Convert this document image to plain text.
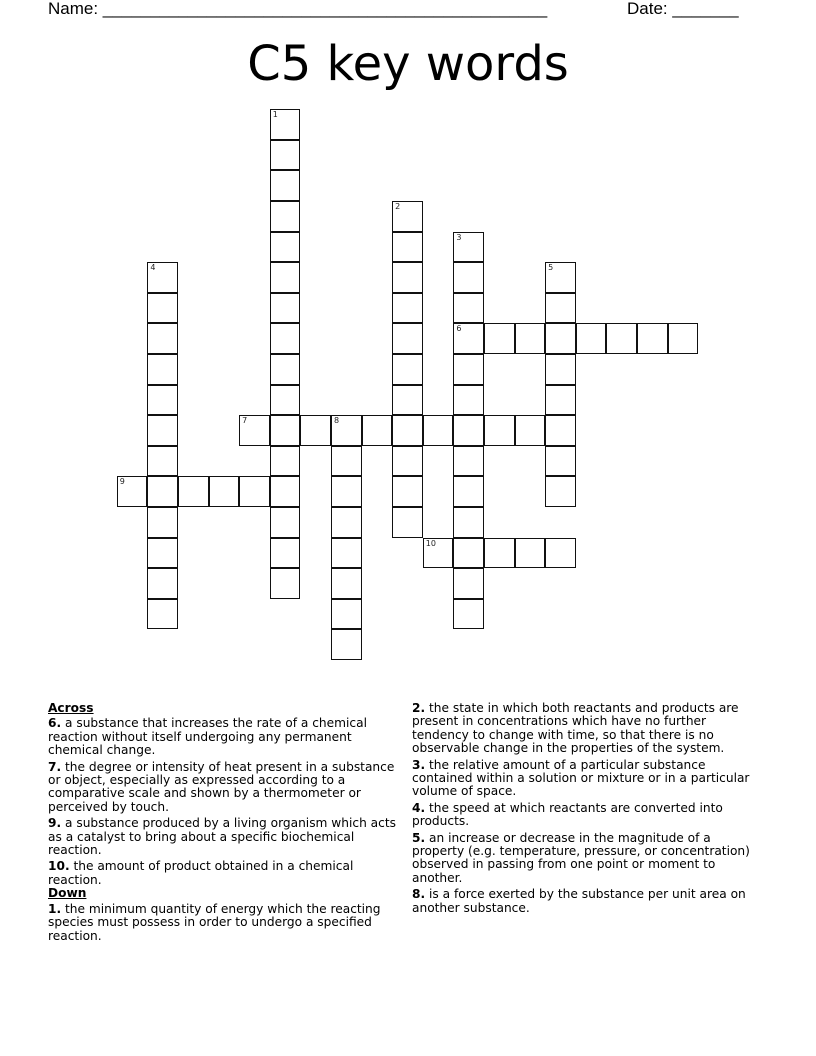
Name: _______________________________________________	Date: _______
C5 key words
1
2
3
6
4	5
7	8
9
10
Across
6. a substance that increases the rate of a chemical reaction without itself undergoing any permanent chemical change.
7. the degree or intensity of heat present in a substance or object, especially as expressed according to a comparative scale and shown by a thermometer or perceived by touch.
9. a substance produced by a living organism which acts as a catalyst to bring about a specific biochemical reaction.
10. the amount of product obtained in a chemical reaction.
Down
1. the minimum quantity of energy which the reacting species must possess in order to undergo a specified reaction.
2. the state in which both reactants and products are present in concentrations which have no further tendency to change with time, so that there is no observable change in the properties of the system.
3. the relative amount of a particular substance contained within a solution or mixture or in a particular volume of space.
4. the speed at which reactants are converted into products.
5. an increase or decrease in the magnitude of a property (e.g. temperature, pressure, or concentration) observed in passing from one point or moment to another.
8. is a force exerted by the substance per unit area on another substance.
